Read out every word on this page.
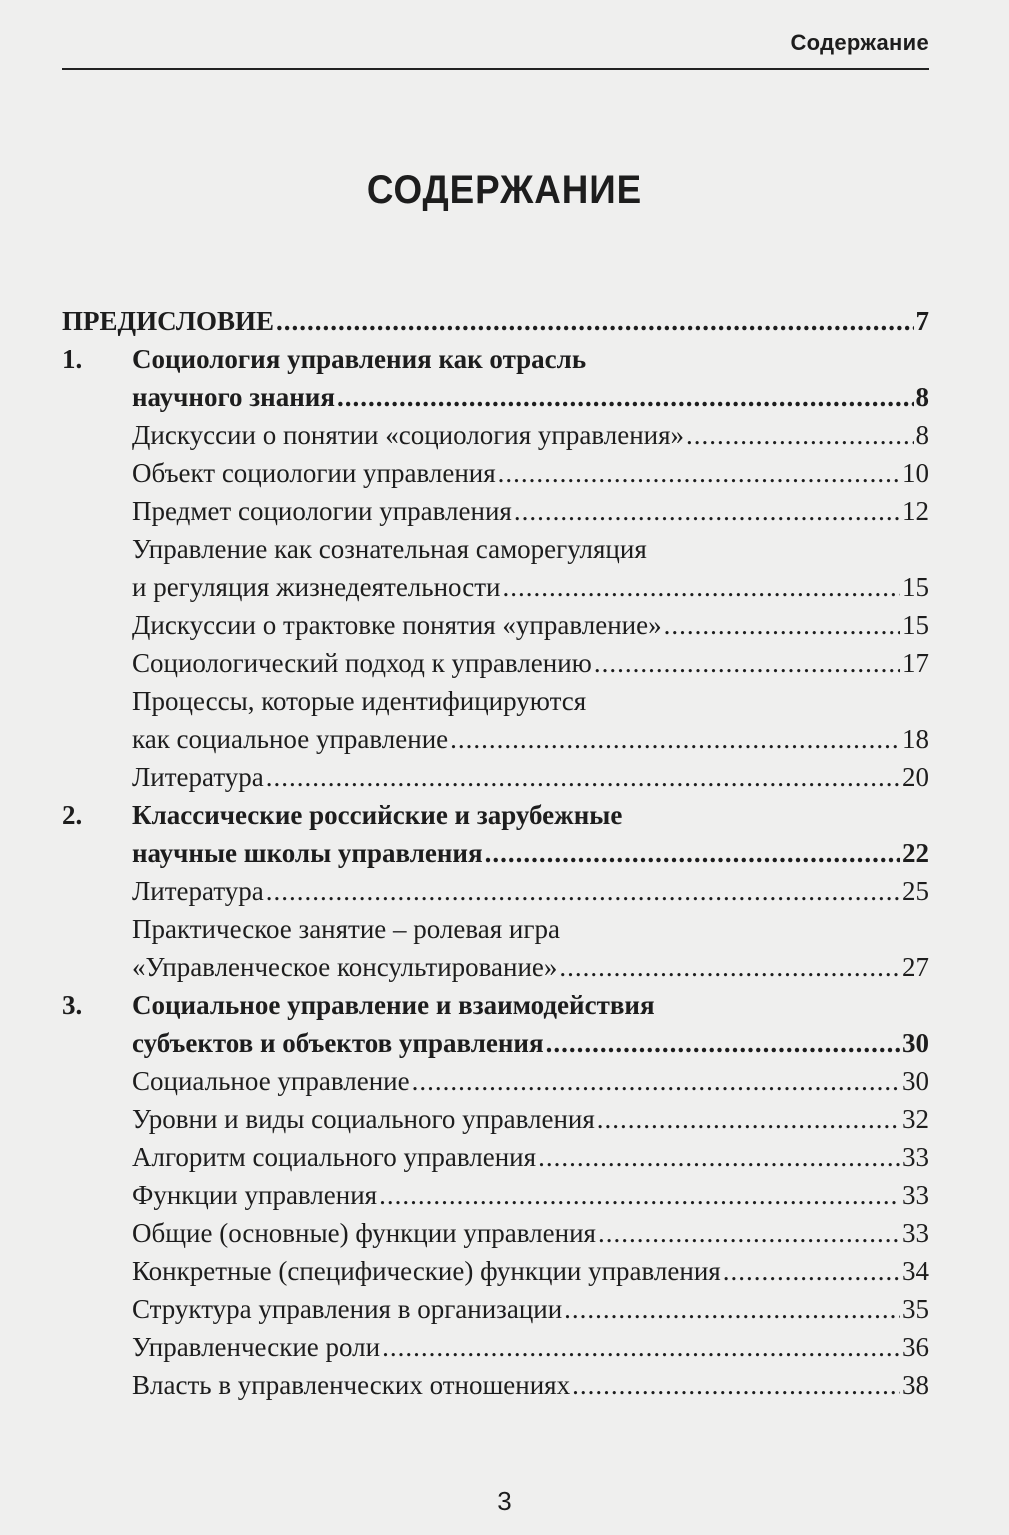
Содержание
СОДЕРЖАНИЕ
ПРЕДИСЛОВИЕ .....	7
1.	Социология управления как отрасль
научного знания .....	8
Дискуссии о понятии «социология управления» .....	8
Объект социологии управления .....	10
Предмет социологии управления .....	12
Управление как сознательная саморегуляция
и регуляция жизнедеятельности .....	15
Дискуссии о трактовке понятия «управление» .....	15
Социологический подход к управлению .....	17
Процессы, которые идентифицируются
как социальное управление .....	18
Литература .....	20
2.	Классические российские и зарубежные
научные школы управления .....	22
Литература .....	25
Практическое занятие – ролевая игра
«Управленческое консультирование» .....	27
3.	Социальное управление и взаимодействия
субъектов и объектов управления .....	30
Социальное управление .....	30
Уровни и виды социального управления .....	32
Алгоритм социального управления .....	33
Функции управления .....	33
Общие (основные) функции управления .....	33
Конкретные (специфические) функции управления .....	34
Структура управления в организации .....	35
Управленческие роли .....	36
Власть в управленческих отношениях .....	38
3
